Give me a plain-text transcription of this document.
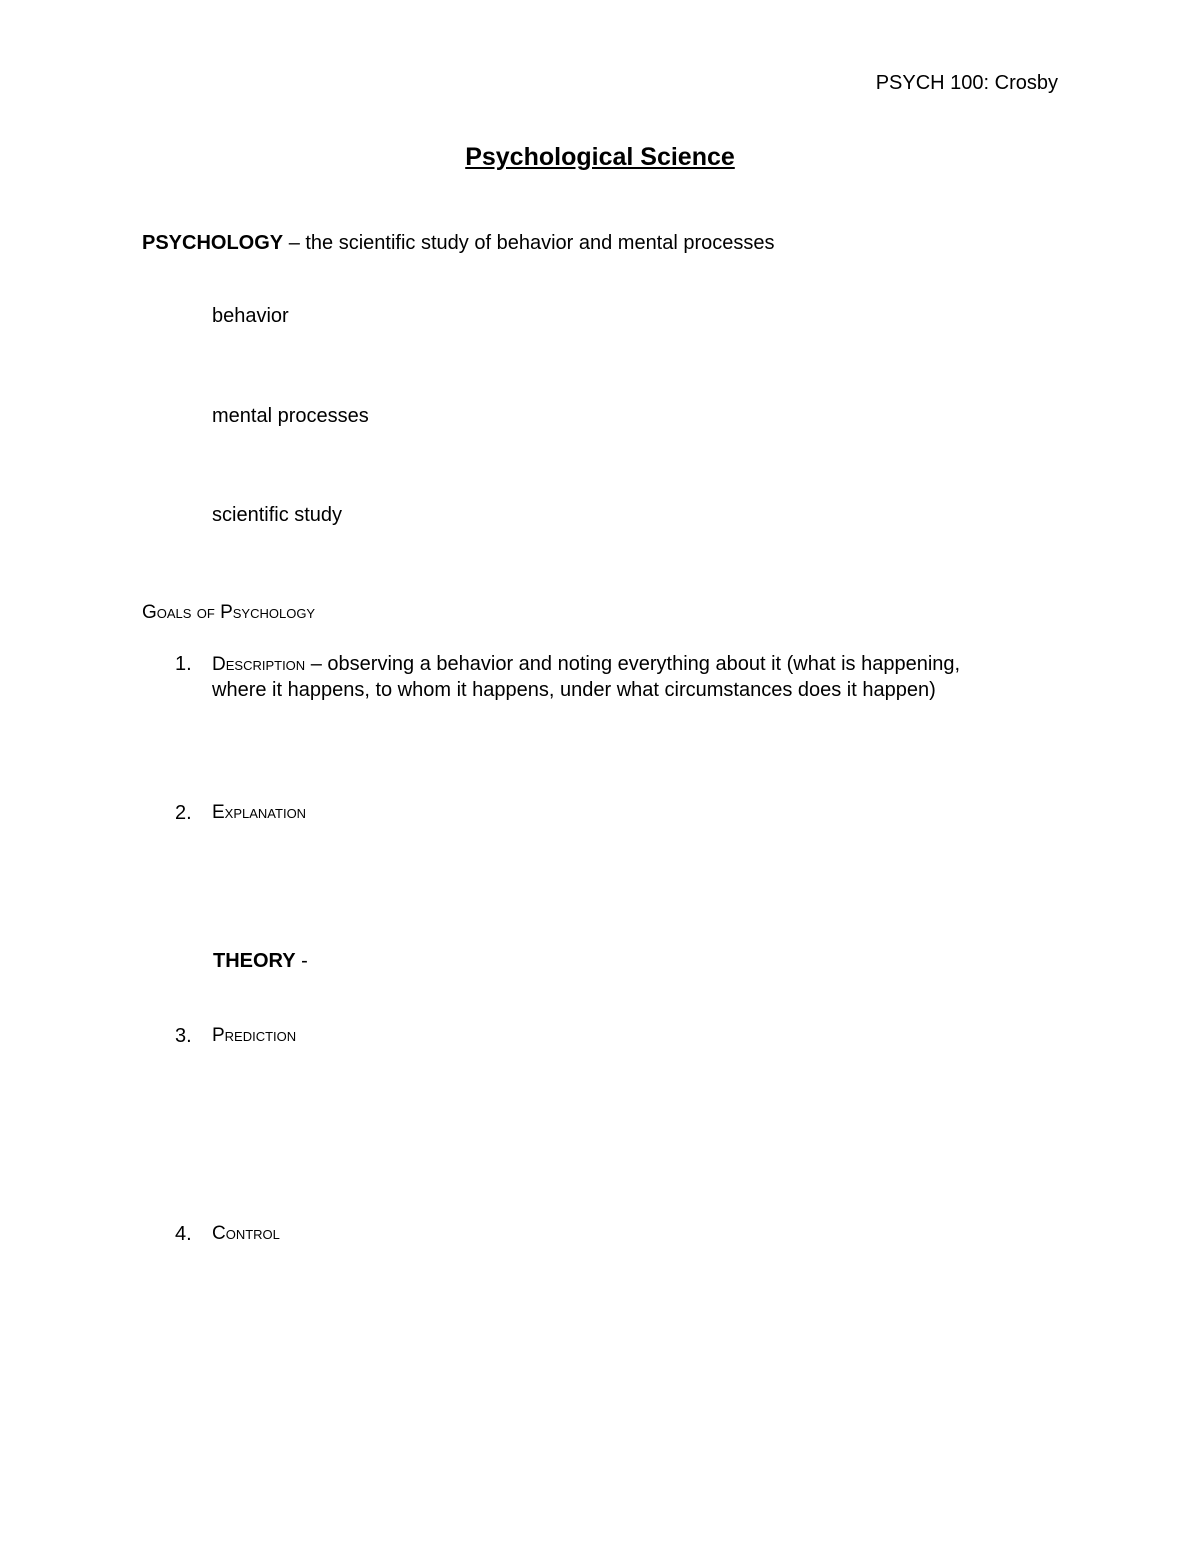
PSYCH 100: Crosby
Psychological Science
PSYCHOLOGY – the scientific study of behavior and mental processes
behavior
mental processes
scientific study
Goals of Psychology
1. Description – observing a behavior and noting everything about it (what is happening,
where it happens, to whom it happens, under what circumstances does it happen)
2. Explanation
THEORY -
3. Prediction
4. Control
